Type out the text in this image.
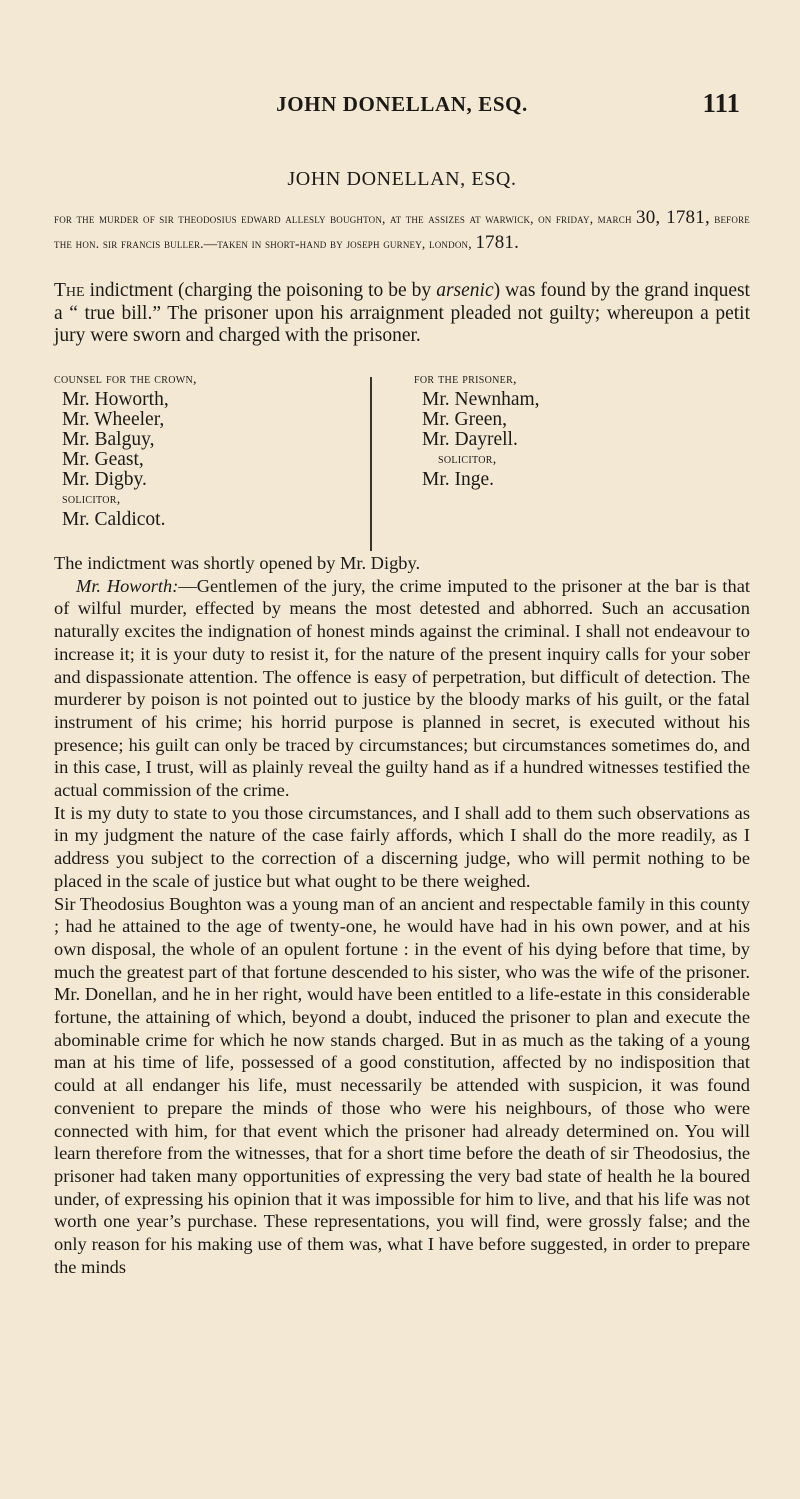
JOHN DONELLAN, ESQ.	111
JOHN DONELLAN, ESQ.
for the murder of sir theodosius edward allesly boughton, at the assizes at warwick, on friday, march 30, 1781, before the hon. sir francis buller.—taken in short-hand by joseph gurney, london, 1781.
The indictment (charging the poisoning to be by arsenic) was found by the grand inquest a “ true bill.” The prisoner upon his arraignment pleaded not guilty; whereupon a petit jury were sworn and charged with the prisoner.
counsel for the crown,
Mr. Howorth,
Mr. Wheeler,
Mr. Balguy,
Mr. Geast,
Mr. Digby.
solicitor,
Mr. Caldicot.
for the prisoner,
Mr. Newnham,
Mr. Green,
Mr. Dayrell.
solicitor,
Mr. Inge.

The indictment was shortly opened by Mr. Digby.

Mr. Howorth:—Gentlemen of the jury, the crime imputed to the prisoner at the bar is that of wilful murder, effected by means the most detested and abhorred. Such an accusation naturally excites the indignation of honest minds against the criminal. I shall not endeavour to increase it; it is your duty to resist it, for the nature of the present inquiry calls for your sober and dispassionate attention. The offence is easy of perpetration, but difficult of detection. The murderer by poison is not pointed out to justice by the bloody marks of his guilt, or the fatal instrument of his crime; his horrid purpose is planned in secret, is executed without his presence; his guilt can only be traced by circumstances; but circumstances sometimes do, and in this case, I trust, will as plainly reveal the guilty hand as if a hundred witnesses testified the actual commission of the crime.

It is my duty to state to you those circumstances, and I shall add to them such observations as in my judgment the nature of the case fairly affords, which I shall do the more readily, as I address you subject to the correction of a discerning judge, who will permit nothing to be placed in the scale of justice but what ought to be there weighed.

Sir Theodosius Boughton was a young man of an ancient and respectable family in this county ; had he attained to the age of twenty-one, he would have had in his own power, and at his own disposal, the whole of an opulent fortune : in the event of his dying before that time, by much the greatest part of that fortune descended to his sister, who was the wife of the prisoner. Mr. Donellan, and he in her right, would have been entitled to a life-estate in this considerable fortune, the attaining of which, beyond a doubt, induced the prisoner to plan and execute the abominable crime for which he now stands charged. But in as much as the taking of a young man at his time of life, possessed of a good constitution, affected by no indisposition that could at all endanger his life, must necessarily be attended with suspicion, it was found convenient to prepare the minds of those who were his neighbours, of those who were connected with him, for that event which the prisoner had already determined on. You will learn therefore from the witnesses, that for a short time before the death of sir Theodosius, the prisoner had taken many opportunities of expressing the very bad state of health he la boured under, of expressing his opinion that it was impossible for him to live, and that his life was not worth one year’s purchase. These representations, you will find, were grossly false; and the only reason for his making use of them was, what I have before suggested, in order to prepare the minds
